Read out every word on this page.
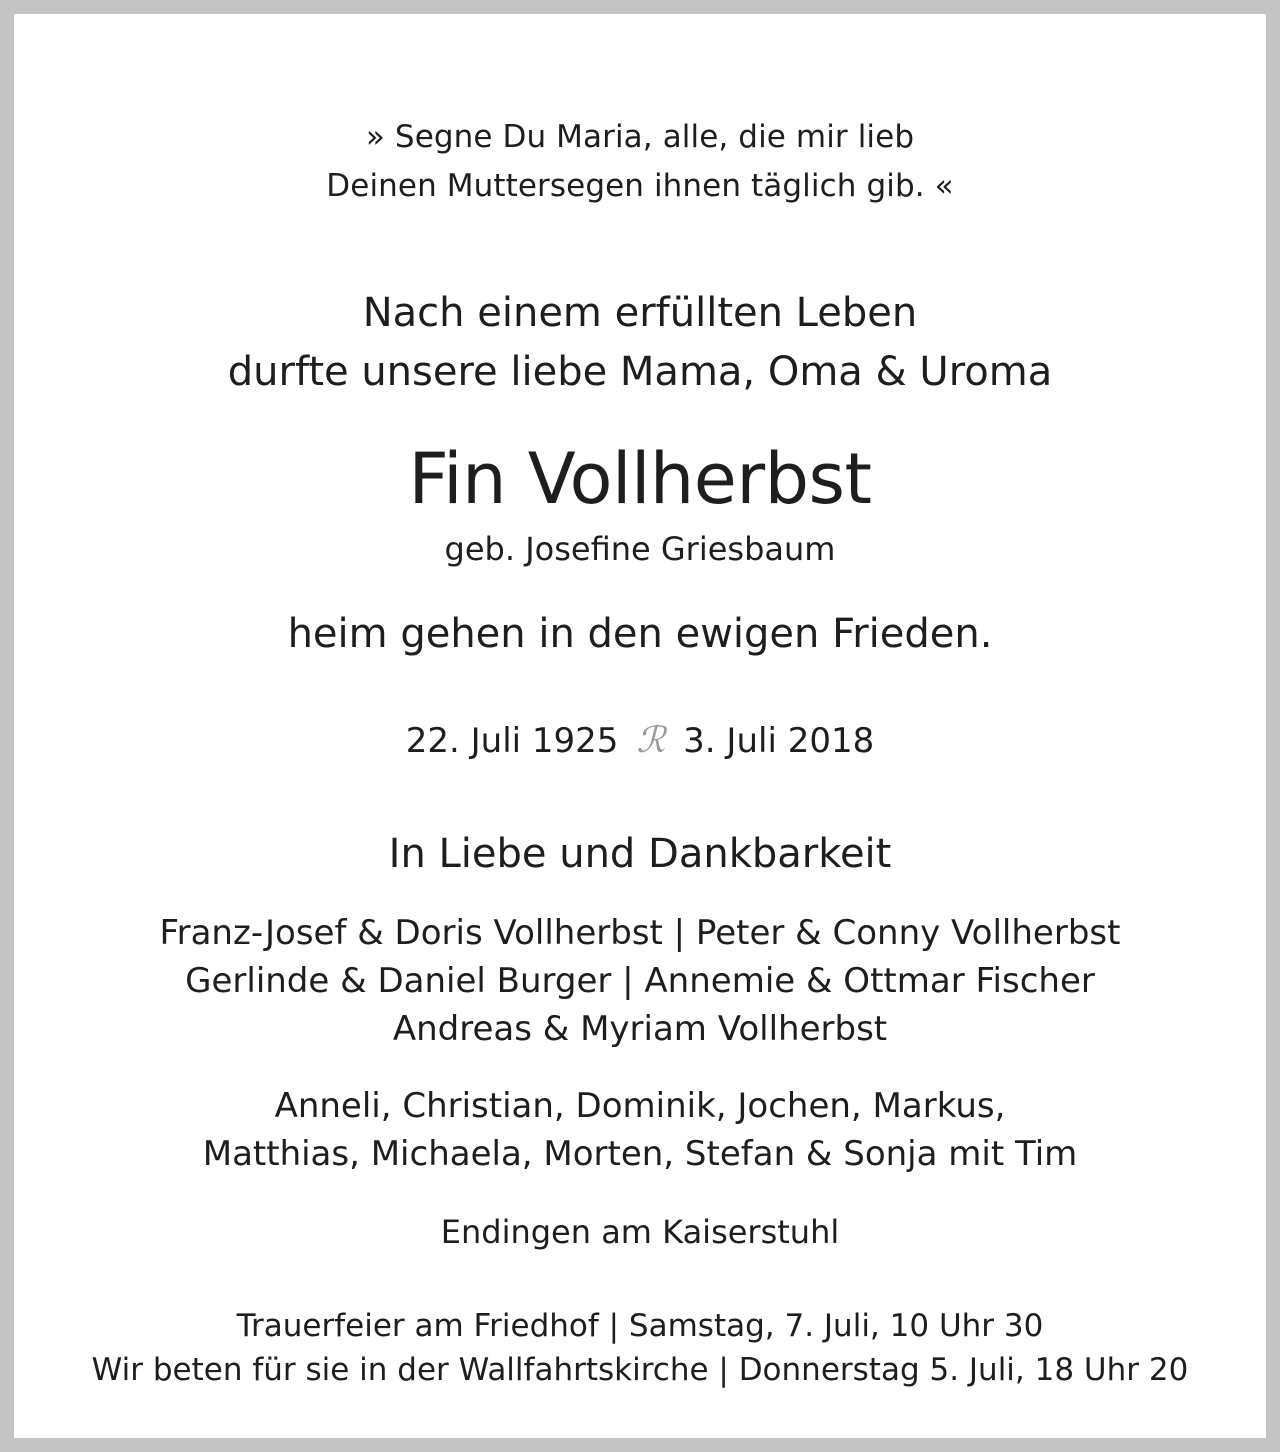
» Segne Du Maria, alle, die mir lieb
Deinen Muttersegen ihnen täglich gib. «
Nach einem erfüllten Leben
durfte unsere liebe Mama, Oma & Uroma
Fin Vollherbst
geb. Josefine Griesbaum
heim gehen in den ewigen Frieden.
22. Juli 1925 ℛ 3. Juli 2018
In Liebe und Dankbarkeit
Franz-Josef & Doris Vollherbst | Peter & Conny Vollherbst
Gerlinde & Daniel Burger | Annemie & Ottmar Fischer
Andreas & Myriam Vollherbst
Anneli, Christian, Dominik, Jochen, Markus,
Matthias, Michaela, Morten, Stefan & Sonja mit Tim
Endingen am Kaiserstuhl
Trauerfeier am Friedhof | Samstag, 7. Juli, 10 Uhr 30
Wir beten für sie in der Wallfahrtskirche | Donnerstag 5. Juli, 18 Uhr 20
